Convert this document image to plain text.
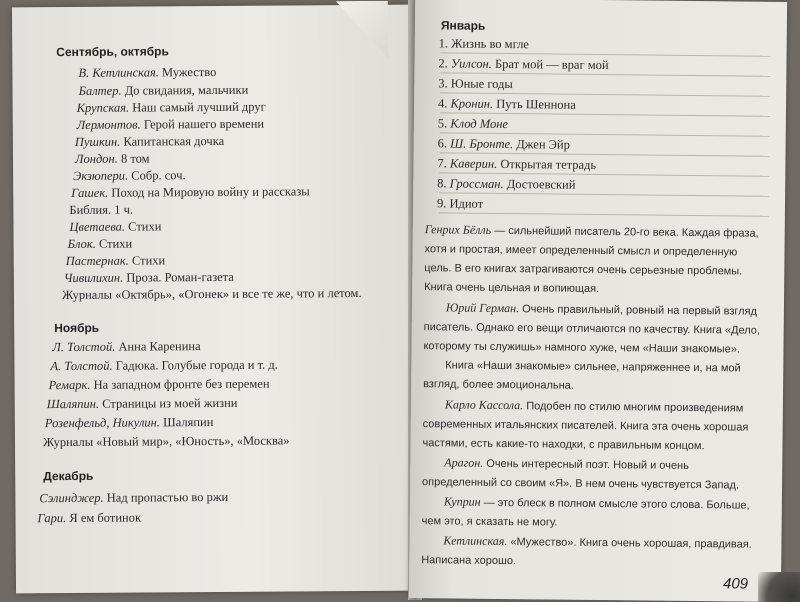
Сентябрь, октябрь
В. Кетлинская. Мужество
Балтер. До свидания, мальчики
Крупская. Наш самый лучший друг
Лермонтов. Герой нашего времени
Пушкин. Капитанская дочка
Лондон. 8 том
Экзюпери. Собр. соч.
Гашек. Поход на Мировую войну и рассказы
Библия. 1 ч.
Цветаева. Стихи
Блок. Стихи
Пастернак. Стихи
Чивилихин. Проза. Роман-газета
Журналы «Октябрь», «Огонек» и все те же, что и летом.
Ноябрь
Л. Толстой. Анна Каренина
А. Толстой. Гадюка. Голубые города и т. д.
Ремарк. На западном фронте без перемен
Шаляпин. Страницы из моей жизни
Розенфельд, Никулин. Шаляпин
Журналы «Новый мир», «Юность», «Москва»
Декабрь
Сэлинджер. Над пропастью во ржи
Гари. Я ем ботинок
Январь
1. Жизнь во мгле
2. Уилсон. Брат мой — враг мой
3. Юные годы
4. Кронин. Путь Шеннона
5. Клод Моне
6. Ш. Бронте. Джен Эйр
7. Каверин. Открытая тетрадь
8. Гроссман. Достоевский
9. Идиот
Генрих Бёлль — сильнейший писатель 20-го века. Каждая фраза, хотя и простая, имеет определенный смысл и определенную цель. В его книгах затрагиваются очень серьезные проблемы. Книга очень цельная и вопиющая.
Юрий Герман. Очень правильный, ровный на первый взгляд писатель. Однако его вещи отличаются по качеству. Книга «Дело, которому ты служишь» намного хуже, чем «Наши знакомые».
Книга «Наши знакомые» сильнее, напряженнее и, на мой взгляд, более эмоциональна.
Карло Кассола. Подобен по стилю многим произведениям современных итальянских писателей. Книга эта очень хорошая частями, есть какие-то находки, с правильным концом.
Арагон. Очень интересный поэт. Новый и очень определенный со своим «Я». В нем очень чувствуется Запад.
Куприн — это блеск в полном смысле этого слова. Больше, чем это, я сказать не могу.
Кетлинская. «Мужество». Книга очень хорошая, правдивая. Написана хорошо.
409
